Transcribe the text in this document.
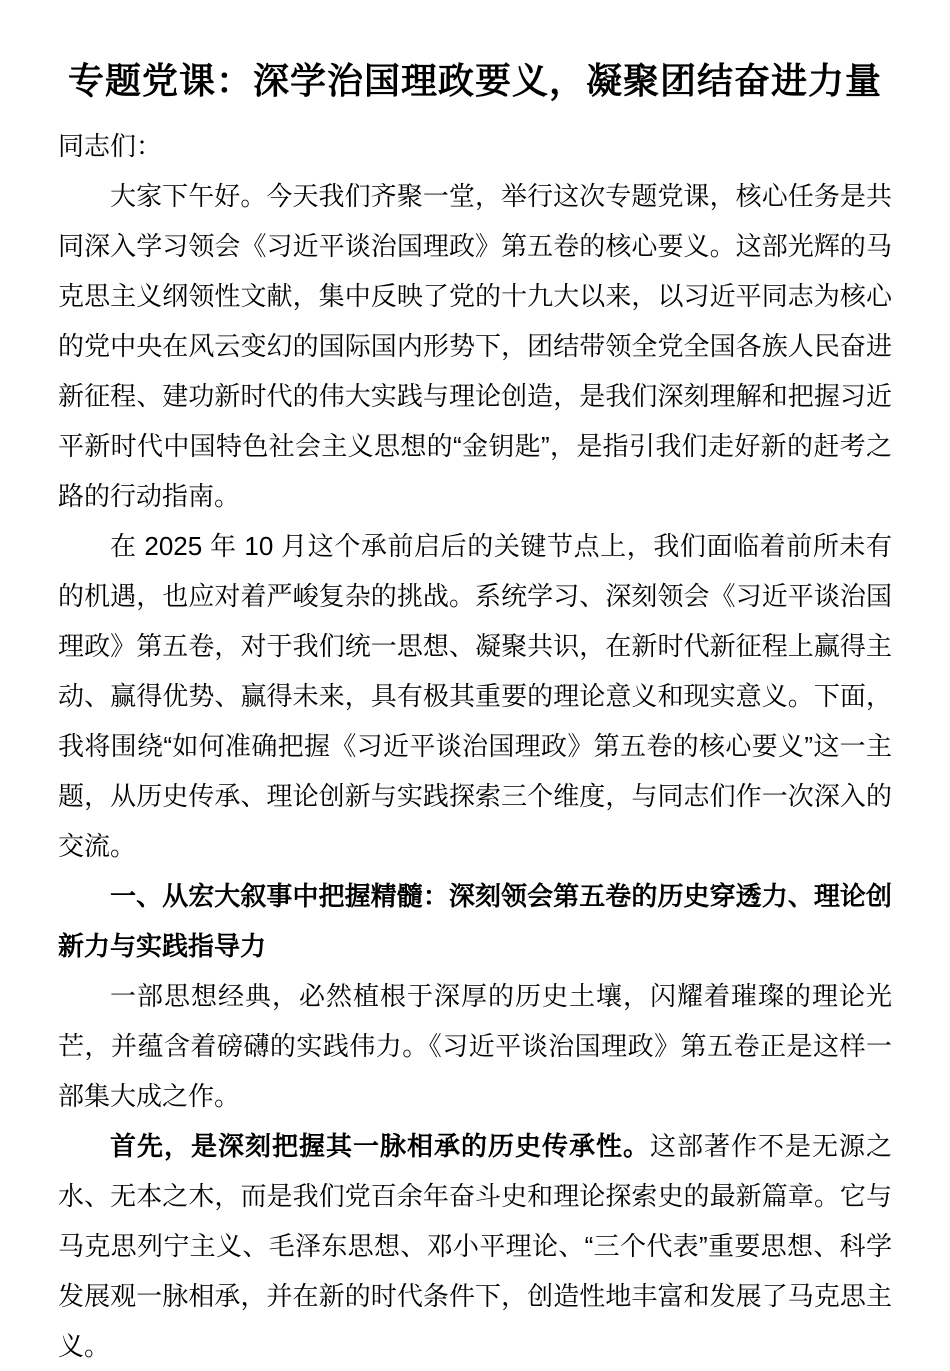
专题党课：深学治国理政要义，凝聚团结奋进力量

同志们：

大家下午好。今天我们齐聚一堂，举行这次专题党课，核心任务是共同深入学习领会《习近平谈治国理政》第五卷的核心要义。这部光辉的马克思主义纲领性文献，集中反映了党的十九大以来，以习近平同志为核心的党中央在风云变幻的国际国内形势下，团结带领全党全国各族人民奋进新征程、建功新时代的伟大实践与理论创造，是我们深刻理解和把握习近平新时代中国特色社会主义思想的“金钥匙”，是指引我们走好新的赶考之路的行动指南。

在 2025 年 10 月这个承前启后的关键节点上，我们面临着前所未有的机遇，也应对着严峻复杂的挑战。系统学习、深刻领会《习近平谈治国理政》第五卷，对于我们统一思想、凝聚共识，在新时代新征程上赢得主动、赢得优势、赢得未来，具有极其重要的理论意义和现实意义。下面，我将围绕“如何准确把握《习近平谈治国理政》第五卷的核心要义”这一主题，从历史传承、理论创新与实践探索三个维度，与同志们作一次深入的交流。

一、从宏大叙事中把握精髓：深刻领会第五卷的历史穿透力、理论创新力与实践指导力

一部思想经典，必然植根于深厚的历史土壤，闪耀着璀璨的理论光芒，并蕴含着磅礴的实践伟力。《习近平谈治国理政》第五卷正是这样一部集大成之作。

首先，是深刻把握其一脉相承的历史传承性。这部著作不是无源之水、无本之木，而是我们党百余年奋斗史和理论探索史的最新篇章。它与马克思列宁主义、毛泽东思想、邓小平理论、“三个代表”重要思想、科学发展观一脉相承，并在新的时代条件下，创造性地丰富和发展了马克思主义。
